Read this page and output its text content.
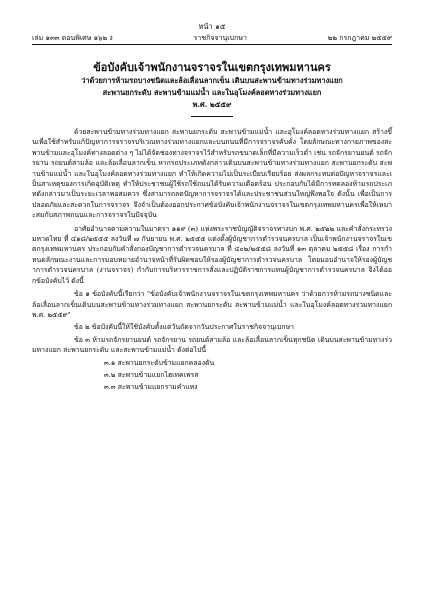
หน้า ๑๕
เล่ม ๑๓๓ ตอนพิเศษ ๑๖๒ ง	ราชกิจจานุเบกษา	๒๒ กรกฎาคม ๒๕๕๙
ข้อบังคับเจ้าพนักงานจราจรในเขตกรุงเทพมหานคร
ว่าด้วยการห้ามรถบางชนิดและล้อเลื่อนลากเข็น เดินบนสะพานข้ามทางร่วมทางแยก
สะพานยกระดับ สะพานข้ามแม่น้ำ และในอุโมงค์ลอดทางร่วมทางแยก
พ.ศ. ๒๕๕๙

ด้วยสะพานข้ามทางร่วมทางแยก สะพานยกระดับ สะพานข้ามแม่น้ำ และอุโมงค์ลอดทางร่วมทางแยก สร้างขึ้นเพื่อใช้สำหรับแก้ปัญหาการจราจรบริเวณทางร่วมทางแยกและบนถนนที่มีการจราจรคับคั่ง โดยลักษณะทางกายภาพของสะพานข้ามและอุโมงค์ทางลอดต่าง ๆ ไม่ได้จัดช่องทางจราจรไว้สำหรับรถขนาดเล็กที่มีความเร็วต่ำ เช่น รถจักรยานยนต์ รถจักรยาน รถยนต์สามล้อ และล้อเลื่อนลากเข็น หากรถประเภทดังกล่าวเดินบนสะพานข้ามทางร่วมทางแยก สะพานยกระดับ สะพานข้ามแม่น้ำ และในอุโมงค์ลอดทางร่วมทางแยก ทำให้เกิดความไม่เป็นระเบียบเรียบร้อย ส่งผลกระทบต่อปัญหาจราจรและเป็นสาเหตุของการเกิดอุบัติเหตุ ทำให้ประชาชนผู้ใช้รถใช้ถนนได้รับความเดือดร้อน ประกอบกับได้มีการทดลองห้ามรถประเภทดังกล่าวมาเป็นระยะเวลาพอสมควร ซึ่งสามารถลดปัญหาการจราจรได้และประชาชนส่วนใหญ่พึงพอใจ ดังนั้น เพื่อเป็นการปลอดภัยและสะดวกในการจราจร จึงจำเป็นต้องออกประกาศข้อบังคับเจ้าพนักงานจราจรในเขตกรุงเทพมหานครเพื่อให้เหมาะสมกับสภาพถนนและการจราจรในปัจจุบัน

อาศัยอำนาจตามความในมาตรา ๑๑๙ (๓) แห่งพระราชบัญญัติจราจรทางบก พ.ศ. ๒๕๒๒ และคำสั่งกระทรวงมหาดไทย ที่ ๔๑๘/๒๕๕๕ ลงวันที่ ๗ กันยายน พ.ศ. ๒๕๕๕ แต่งตั้งผู้บัญชาการตำรวจนครบาล เป็นเจ้าพนักงานจราจรในเขตกรุงเทพมหานคร ประกอบกับคำสั่งกองบัญชาการตำรวจนครบาล ที่ ๔๐๒/๒๕๕๘ ลงวันที่ ๑๓ ตุลาคม ๒๕๕๘ เรื่อง การกำหนดลักษณะงานและการมอบหมายอำนาจหน้าที่รับผิดชอบให้รองผู้บัญชาการตำรวจนครบาล โดยมอบอำนาจให้รองผู้บัญชาการตำรวจนครบาล (งานจราจร) กำกับการบริหารราชการสั่งและปฏิบัติราชการแทนผู้บัญชาการตำรวจนครบาล จึงได้ออกข้อบังคับไว้ ดังนี้

ข้อ ๑ ข้อบังคับนี้เรียกว่า "ข้อบังคับเจ้าพนักงานจราจรในเขตกรุงเทพมหานคร ว่าด้วยการห้ามรถบางชนิดและล้อเลื่อนลากเข็นเดินบนสะพานข้ามทางร่วมทางแยก สะพานยกระดับ สะพานข้ามแม่น้ำ และในอุโมงค์ลอดทางร่วมทางแยก พ.ศ. ๒๕๕๙"

ข้อ ๒ ข้อบังคับนี้ให้ใช้บังคับตั้งแต่วันถัดจากวันประกาศในราชกิจจานุเบกษา

ข้อ ๓ ห้ามรถจักรยานยนต์ รถจักรยาน รถยนต์สามล้อ และล้อเลื่อนลากเข็นทุกชนิด เดินบนสะพานข้ามทางร่วมทางแยก สะพานยกระดับ และสะพานข้ามแม่น้ำ ดังต่อไปนี้

๓.๑ สะพานยกระดับข้ามแยกคลองตัน
๓.๒ สะพานข้ามแยกไฮเทคเพรส
๓.๓ สะพานข้ามแยกรามคำแหง
